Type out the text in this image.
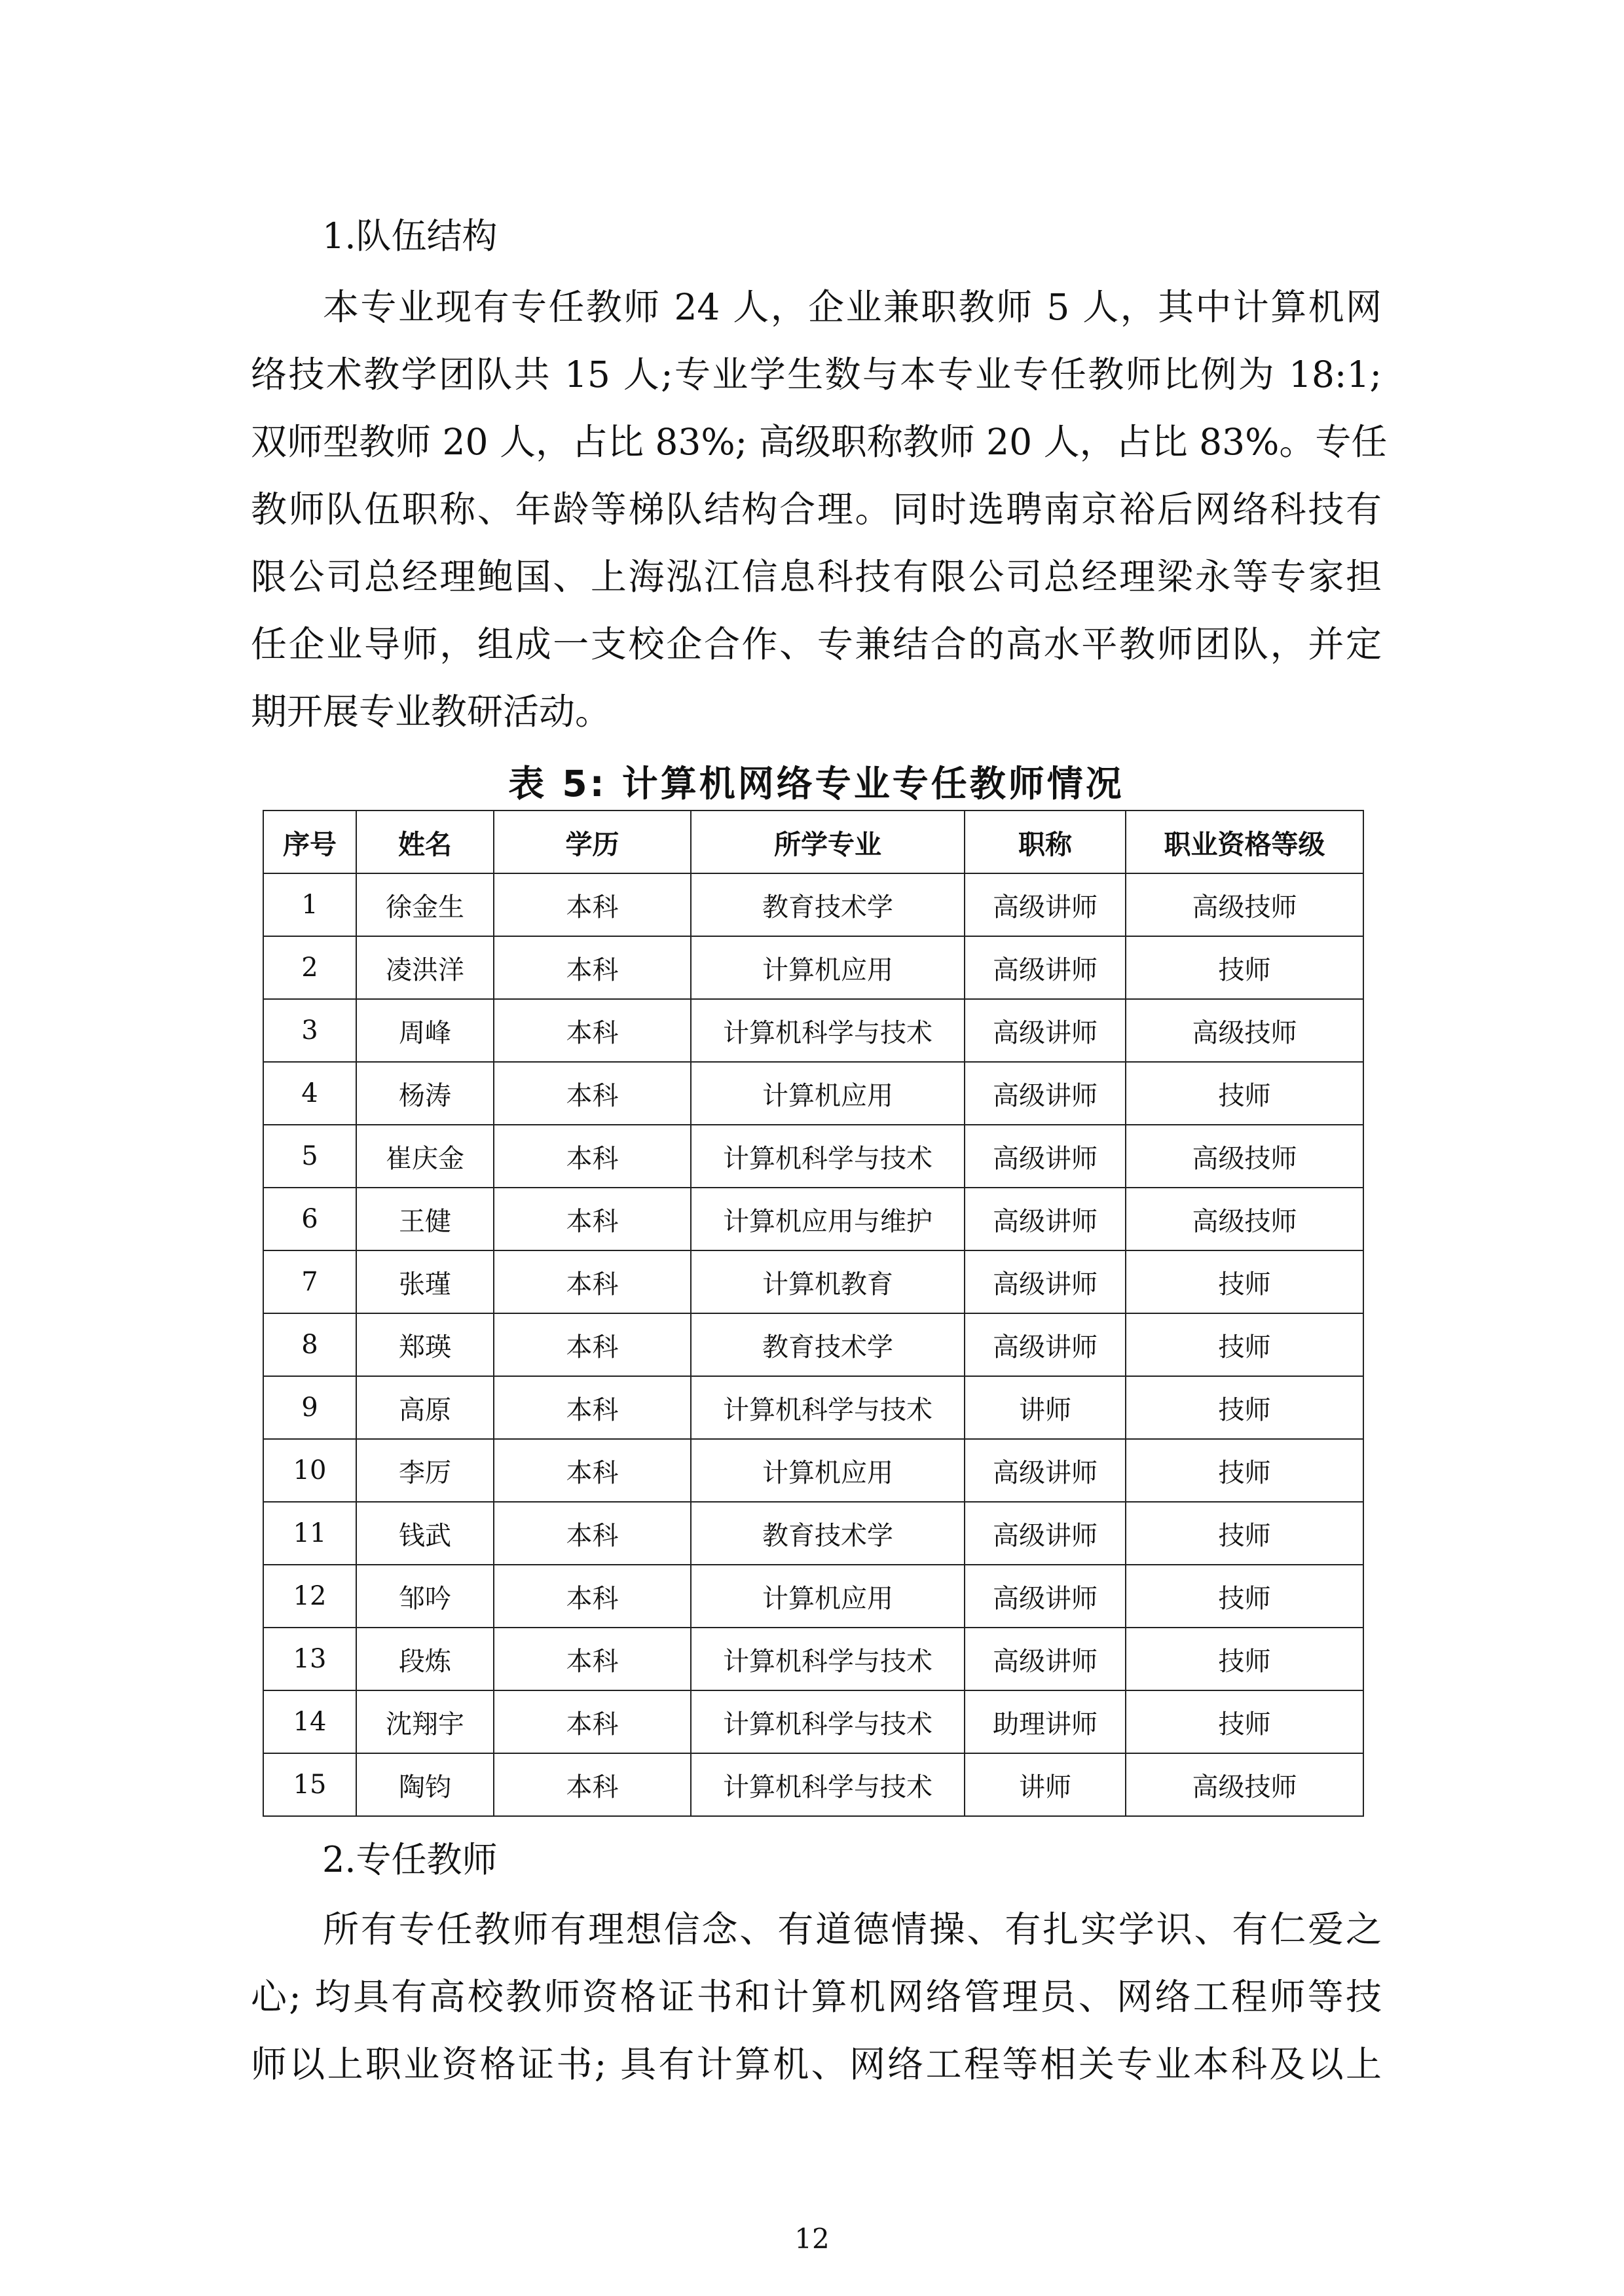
1.队伍结构
本专业现有专任教师 24 人，企业兼职教师 5 人，其中计算机网
络技术教学团队共 15 人;专业学生数与本专业专任教师比例为 18:1;
双师型教师 20 人，占比 83%; 高级职称教师 20 人，占比 83%。专任
教师队伍职称、年龄等梯队结构合理。同时选聘南京裕后网络科技有
限公司总经理鲍国、上海泓江信息科技有限公司总经理梁永等专家担
任企业导师，组成一支校企合作、专兼结合的高水平教师团队，并定
期开展专业教研活动。
表 5: 计算机网络专业专任教师情况
序号	姓名	学历	所学专业	职称	职业资格等级
1	徐金生	本科	教育技术学	高级讲师	高级技师
2	凌洪洋	本科	计算机应用	高级讲师	技师
3	周峰	本科	计算机科学与技术	高级讲师	高级技师
4	杨涛	本科	计算机应用	高级讲师	技师
5	崔庆金	本科	计算机科学与技术	高级讲师	高级技师
6	王健	本科	计算机应用与维护	高级讲师	高级技师
7	张瑾	本科	计算机教育	高级讲师	技师
8	郑瑛	本科	教育技术学	高级讲师	技师
9	高原	本科	计算机科学与技术	讲师	技师
10	李厉	本科	计算机应用	高级讲师	技师
11	钱武	本科	教育技术学	高级讲师	技师
12	邹吟	本科	计算机应用	高级讲师	技师
13	段炼	本科	计算机科学与技术	高级讲师	技师
14	沈翔宇	本科	计算机科学与技术	助理讲师	技师
15	陶钧	本科	计算机科学与技术	讲师	高级技师
2.专任教师
所有专任教师有理想信念、有道德情操、有扎实学识、有仁爱之
心; 均具有高校教师资格证书和计算机网络管理员、网络工程师等技
师以上职业资格证书; 具有计算机、网络工程等相关专业本科及以上
12
